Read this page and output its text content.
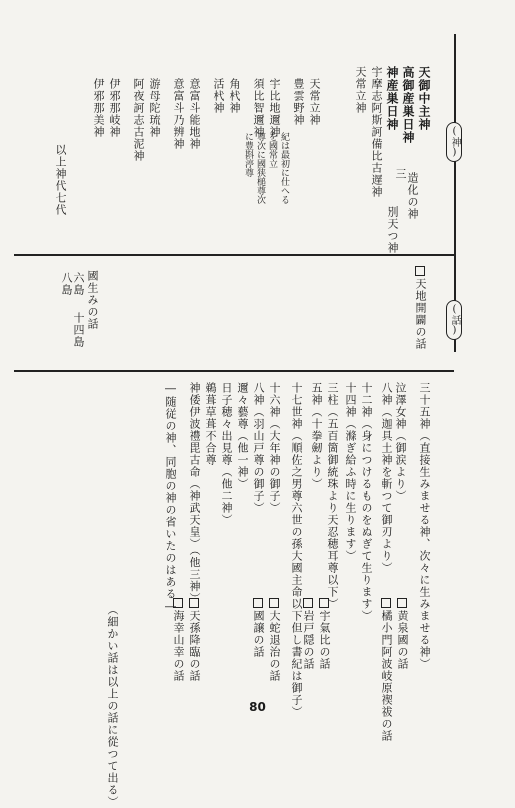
(神)
(話)
天御中主神
高御産巣日神
神産巣日神
宇摩志阿斯訶備比古遅神
天常立神
造化の神
三
別天つ神
天常立神
豊雲野神
宇比地邇神
須比智邇神
角杙神
活杙神
意富斗能地神
意富斗乃辨神
游母陀琉神
阿夜訶志古泥神
伊邪那岐神
伊邪那美神
紀は最初に仕へる
を國常立
尊次に國狭槌尊次
に豊斟渟尊
以上神代七代
天地開闢の話
國生みの話
六島
八島
十四島
三十五神（直接生みませる神、次々に生みませる神）
泣澤女神（御涙より）
八神（迦具土神を斬つて御刃より）
十二神（身につけるものをぬぎて生ります）
十四神（滌ぎ給ふ時に生ります）
三柱（五百箇御統珠より天忍穂耳尊以下）
五神（十拳劒より）
十七世神（順佐之男尊六世の孫大國主命以下但し書紀は御子）
十六神（大年神の御子）
八神（羽山戸尊の御子）
邇々藝尊（他一神）
日子穂々出見尊（他二神）
鵜葺草葺不合尊
神倭伊波禮毘古命（神武天皇）（他三神）
―随従の神、同胞の神の省いたのはある―
黄泉國の話
橘小門阿波岐原禊祓の話
宇氣比の話
岩戸隠の話
大蛇退治の話
國譲の話
天孫降臨の話
海幸山幸の話
（細かい話は以上の話に從つて出る）	80
